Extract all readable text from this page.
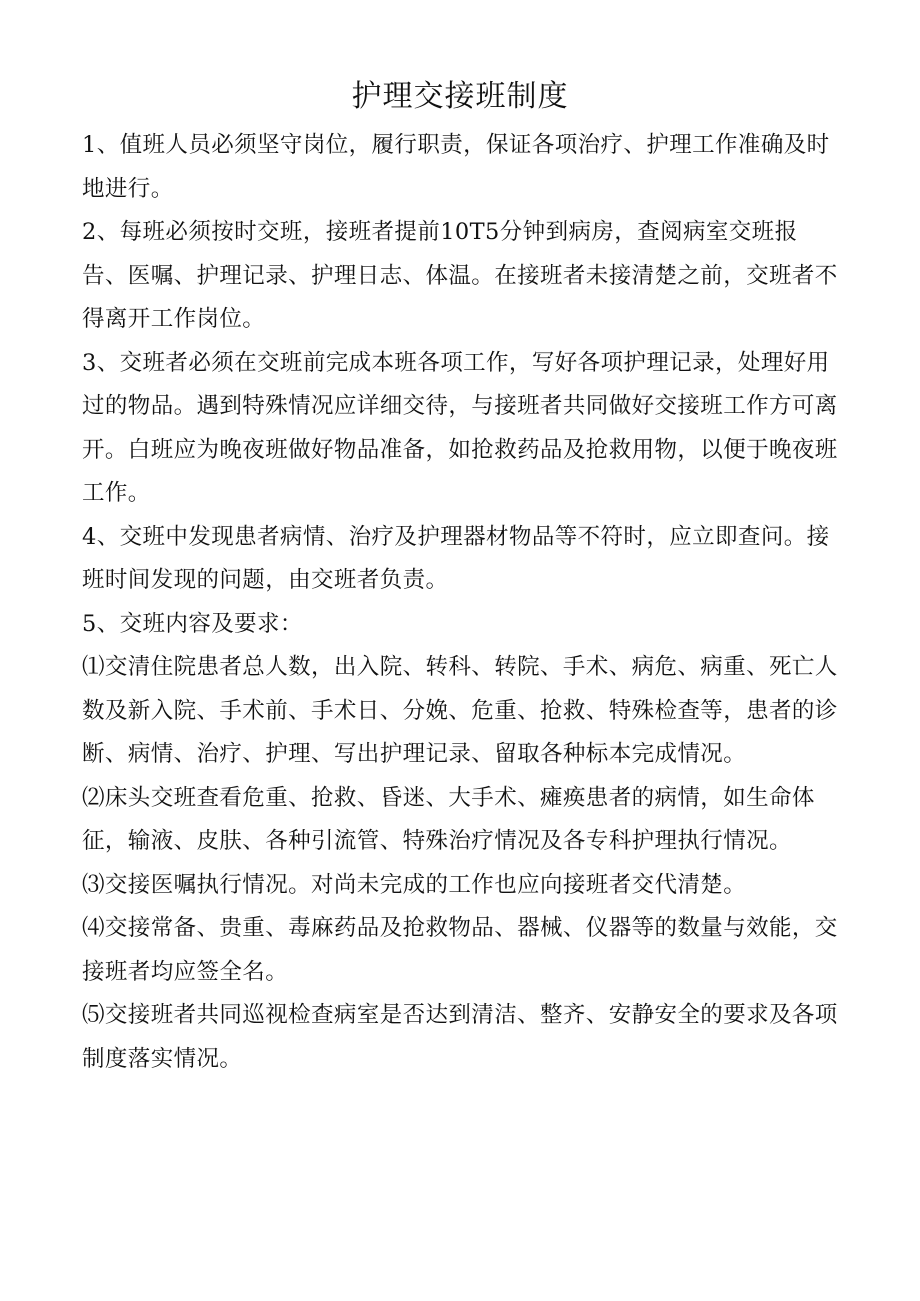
护理交接班制度

1、值班人员必须坚守岗位，履行职责，保证各项治疗、护理工作准确及时地进行。

2、每班必须按时交班，接班者提前10T5分钟到病房，查阅病室交班报告、医嘱、护理记录、护理日志、体温。在接班者未接清楚之前，交班者不得离开工作岗位。

3、交班者必须在交班前完成本班各项工作，写好各项护理记录，处理好用过的物品。遇到特殊情况应详细交待，与接班者共同做好交接班工作方可离开。白班应为晚夜班做好物品准备，如抢救药品及抢救用物，以便于晚夜班工作。

4、交班中发现患者病情、治疗及护理器材物品等不符时，应立即查问。接班时间发现的问题，由交班者负责。

5、交班内容及要求：

⑴交清住院患者总人数，出入院、转科、转院、手术、病危、病重、死亡人数及新入院、手术前、手术日、分娩、危重、抢救、特殊检查等，患者的诊断、病情、治疗、护理、写出护理记录、留取各种标本完成情况。

⑵床头交班查看危重、抢救、昏迷、大手术、瘫痪患者的病情，如生命体征，输液、皮肤、各种引流管、特殊治疗情况及各专科护理执行情况。

⑶交接医嘱执行情况。对尚未完成的工作也应向接班者交代清楚。

⑷交接常备、贵重、毒麻药品及抢救物品、器械、仪器等的数量与效能，交接班者均应签全名。

⑸交接班者共同巡视检查病室是否达到清洁、整齐、安静安全的要求及各项制度落实情况。
